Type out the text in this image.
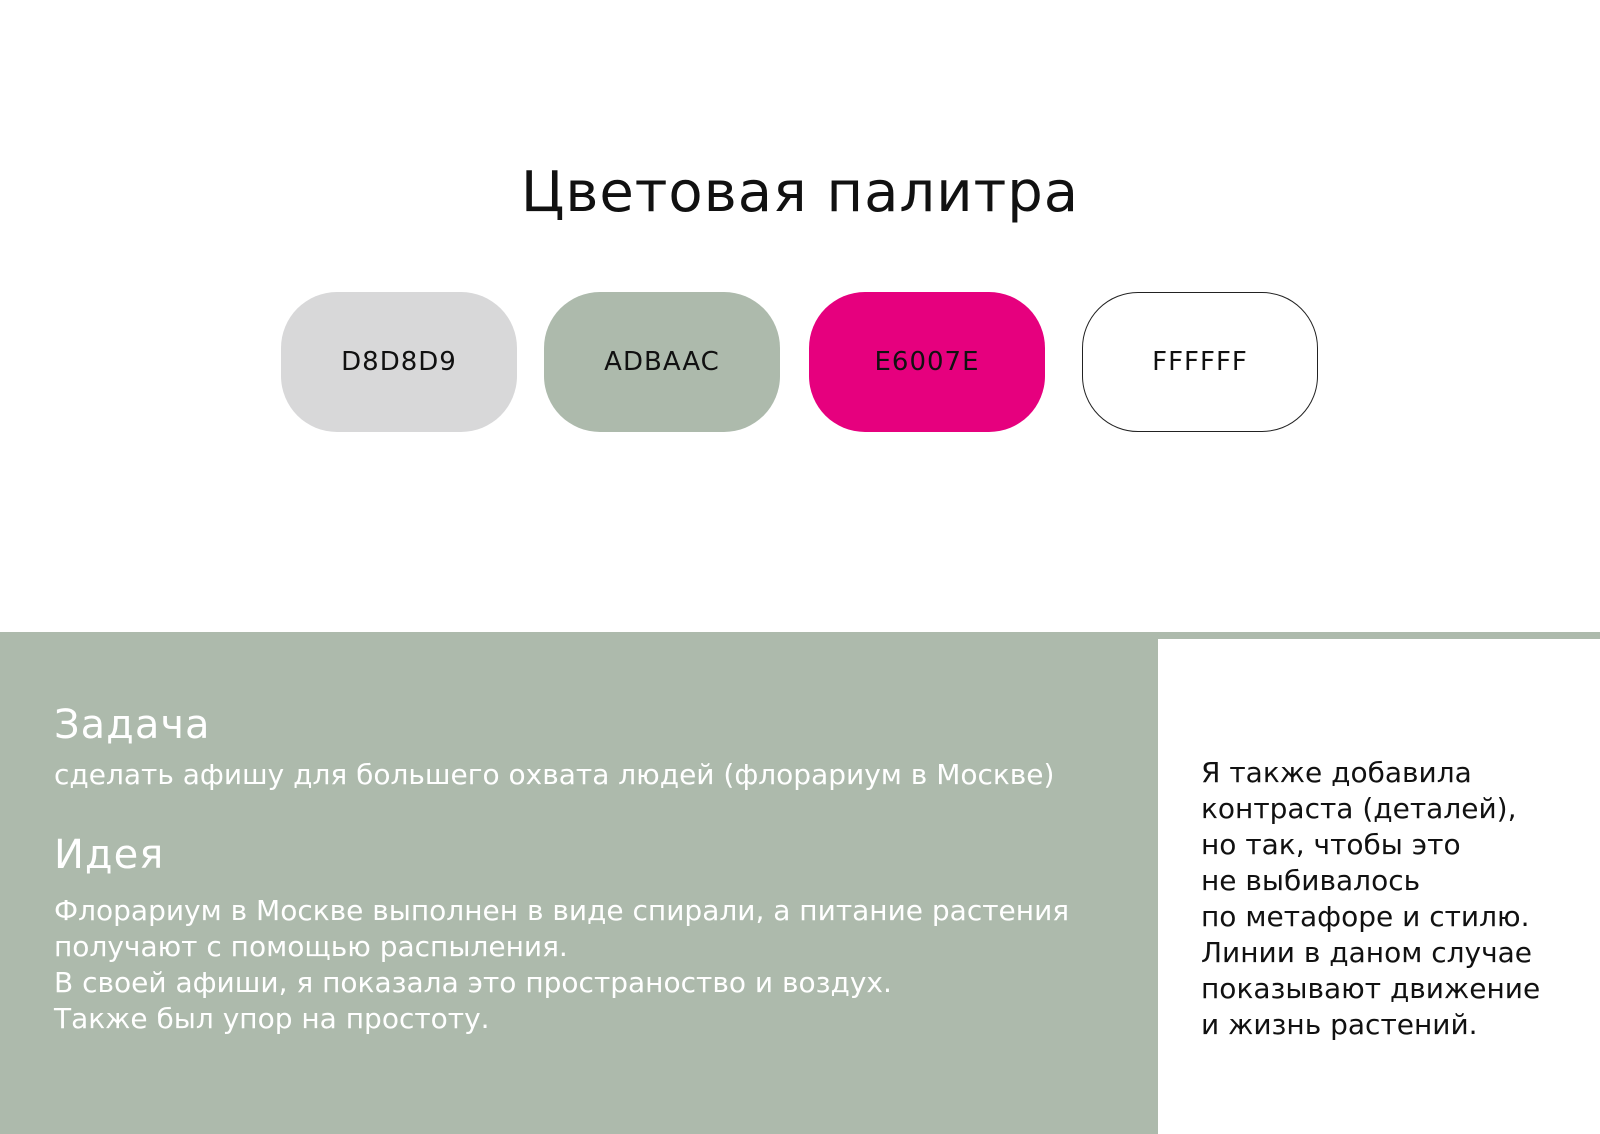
Цветовая палитра
D8D8D9	ADBAAC	E6007E	FFFFFF
Задача

сделать афишу для большего охвата людей (флорариум в Москве)

Идея
Флорариум в Москве выполнен в виде спирали, а питание растения
получают с помощью распыления.
В своей афиши, я показала это пространоство и воздух.
Также был упор на простоту.
Я также добавила
контраста (деталей),
но так, чтобы это
не выбивалось
по метафоре и стилю.
Линии в даном случае
показывают движение
и жизнь растений.
